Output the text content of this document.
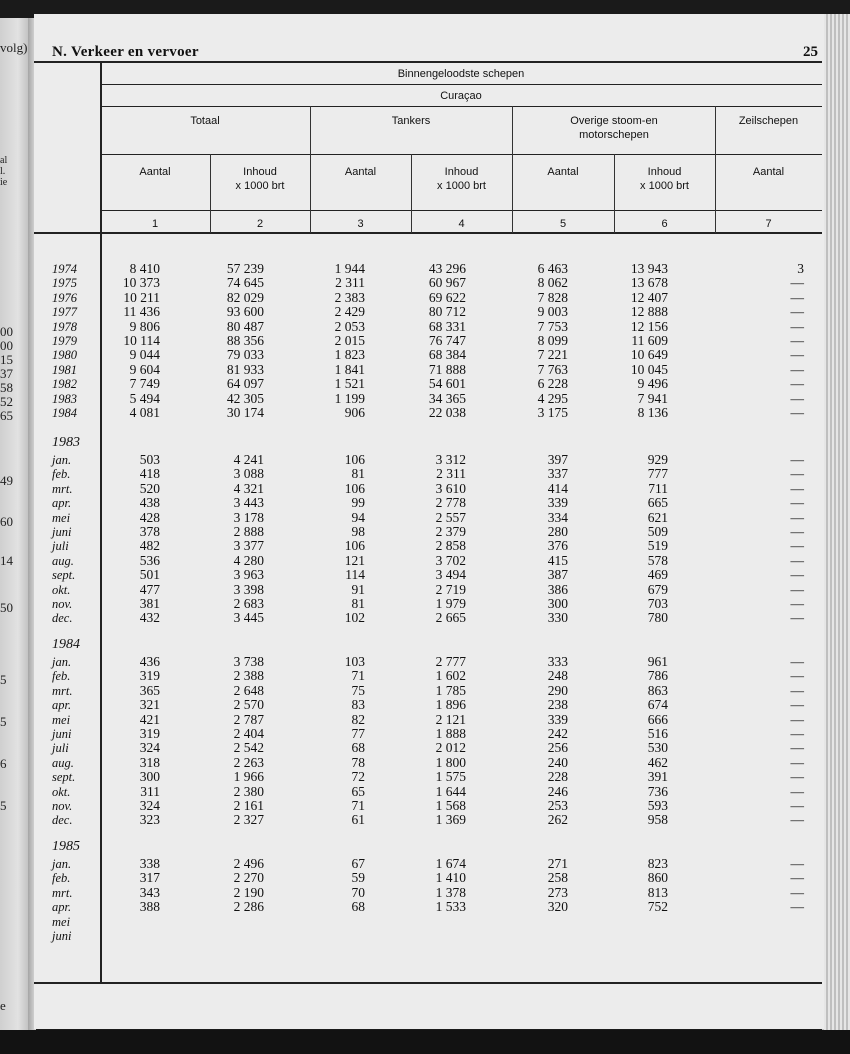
volg)
al
l.
ie
00
00
15
37
58
52
65
49
60
14
50
5
5
6
5
e
N. Verkeer en vervoer	25
Binnengeloodste schepen
Curaçao
Totaal	Tankers	Overige stoom-en motorschepen
Zeilschepen
Aantal	Inhoud
x 1000 brt
Aantal	Inhoud
x 1000 brt
Aantal	Inhoud
x 1000 brt
Aantal
1	2	3	4	5	6	7
1974	8 410	57 239	1 944	43 296	6 463	13 943	3
1975	10 373	74 645	2 311	60 967	8 062	13 678	—
1976	10 211	82 029	2 383	69 622	7 828	12 407	—
1977	11 436	93 600	2 429	80 712	9 003	12 888	—
1978	9 806	80 487	2 053	68 331	7 753	12 156	—
1979	10 114	88 356	2 015	76 747	8 099	11 609	—
1980	9 044	79 033	1 823	68 384	7 221	10 649	—
1981	9 604	81 933	1 841	71 888	7 763	10 045	—
1982	7 749	64 097	1 521	54 601	6 228	9 496	—
1983	5 494	42 305	1 199	34 365	4 295	7 941	—
1984	4 081	30 174	906	22 038	3 175	8 136	—
1983
jan.	503	4 241	106	3 312	397	929	—
feb.	418	3 088	81	2 311	337	777	—
mrt.	520	4 321	106	3 610	414	711	—
apr.	438	3 443	99	2 778	339	665	—
mei	428	3 178	94	2 557	334	621	—
juni	378	2 888	98	2 379	280	509	—
juli	482	3 377	106	2 858	376	519	—
aug.	536	4 280	121	3 702	415	578	—
sept.	501	3 963	114	3 494	387	469	—
okt.	477	3 398	91	2 719	386	679	—
nov.	381	2 683	81	1 979	300	703	—
dec.	432	3 445	102	2 665	330	780	—
1984
jan.	436	3 738	103	2 777	333	961	—
feb.	319	2 388	71	1 602	248	786	—
mrt.	365	2 648	75	1 785	290	863	—
apr.	321	2 570	83	1 896	238	674	—
mei	421	2 787	82	2 121	339	666	—
juni	319	2 404	77	1 888	242	516	—
juli	324	2 542	68	2 012	256	530	—
aug.	318	2 263	78	1 800	240	462	—
sept.	300	1 966	72	1 575	228	391	—
okt.	311	2 380	65	1 644	246	736	—
nov.	324	2 161	71	1 568	253	593	—
dec.	323	2 327	61	1 369	262	958	—
1985
jan.	338	2 496	67	1 674	271	823	—
feb.	317	2 270	59	1 410	258	860	—
mrt.	343	2 190	70	1 378	273	813	—
apr.	388	2 286	68	1 533	320	752	—
mei
juni
